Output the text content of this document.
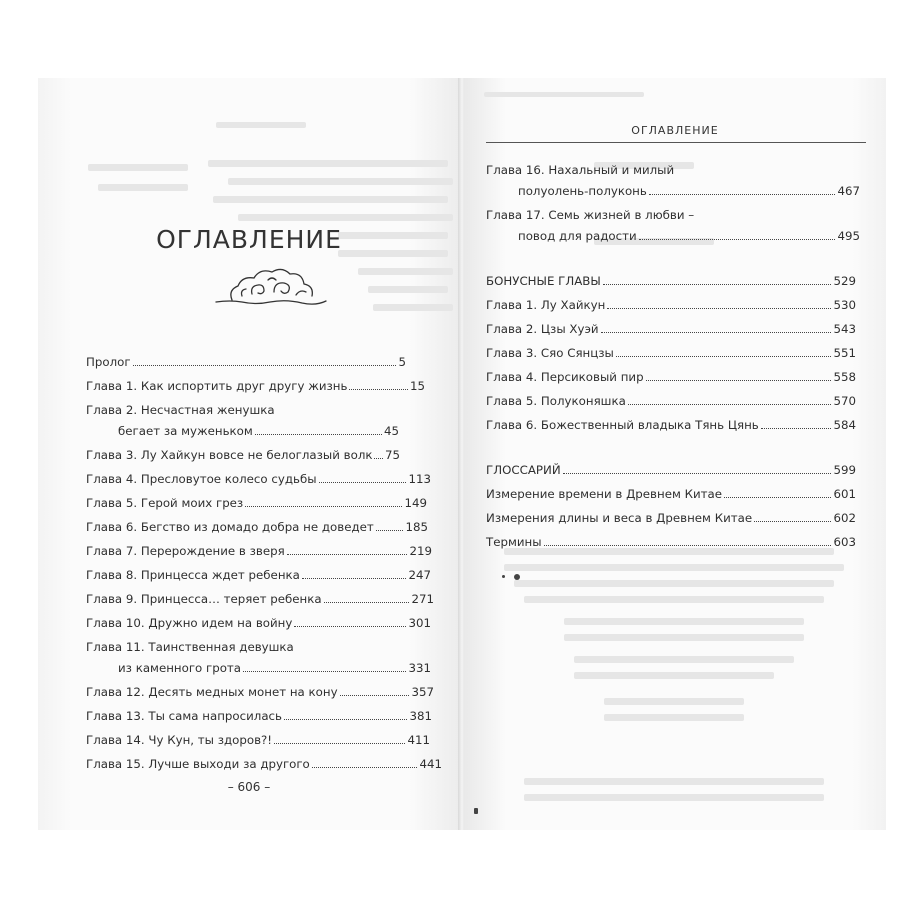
ОГЛАВЛЕНИЕ
Пролог	5
Глава 1. Как испортить друг другу жизнь	15
Глава 2. Несчастная женушка
бегает за муженьком	45
Глава 3. Лу Хайкун вовсе не белоглазый волк 75
Глава 4. Пресловутое колесо судьбы	113
Глава 5. Герой моих грез	149
Глава 6. Бегство из домадо добра не доведет	185
Глава 7. Перерождение в зверя	219
Глава 8. Принцесса ждет ребенка	247
Глава 9. Принцесса… теряет ребенка	271
Глава 10. Дружно идем на войну	301
Глава 11. Таинственная девушка
из каменного грота	331
Глава 12. Десять медных монет на кону	357
Глава 13. Ты сама напросилась	381
Глава 14. Чу Кун, ты здоров?!	411
Глава 15. Лучше выходи за другого	441
– 606 –
ОГЛАВЛЕНИЕ
Глава 16. Нахальный и милый
полуолень-полуконь	467
Глава 17. Семь жизней в любви –
повод для радости	495
БОНУСНЫЕ ГЛАВЫ	529
Глава 1. Лу Хайкун	530
Глава 2. Цзы Хуэй	543
Глава 3. Сяо Сянцзы	551
Глава 4. Персиковый пир	558
Глава 5. Полуконяшка	570
Глава 6. Божественный владыка Тянь Цянь	584
ГЛОССАРИЙ	599
Измерение времени в Древнем Китае	601
Измерения длины и веса в Древнем Китае	602
Термины	603
